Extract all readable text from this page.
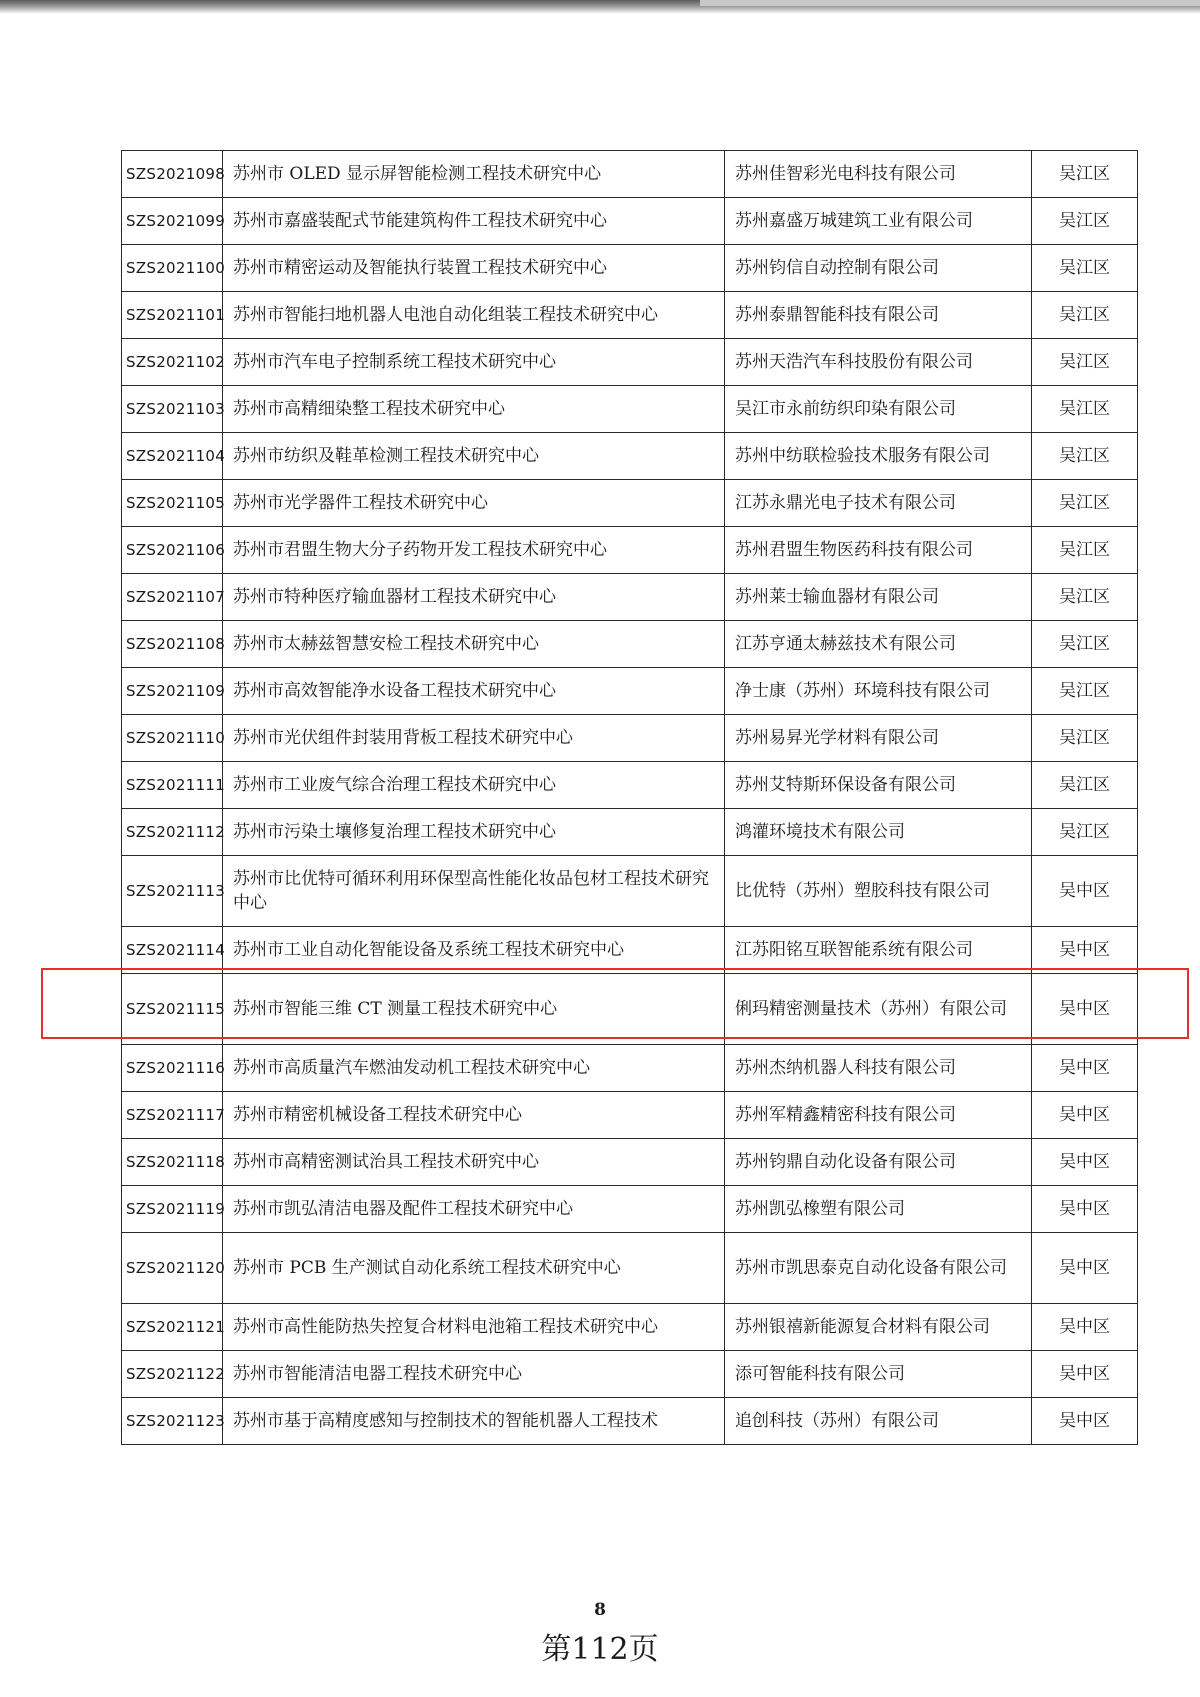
SZS2021098	苏州市 OLED 显示屏智能检测工程技术研究中心	苏州佳智彩光电科技有限公司	吴江区
SZS2021099	苏州市嘉盛装配式节能建筑构件工程技术研究中心	苏州嘉盛万城建筑工业有限公司	吴江区
SZS2021100	苏州市精密运动及智能执行装置工程技术研究中心	苏州钧信自动控制有限公司	吴江区
SZS2021101	苏州市智能扫地机器人电池自动化组装工程技术研究中心	苏州泰鼎智能科技有限公司	吴江区
SZS2021102	苏州市汽车电子控制系统工程技术研究中心	苏州天浩汽车科技股份有限公司	吴江区
SZS2021103	苏州市高精细染整工程技术研究中心	吴江市永前纺织印染有限公司	吴江区
SZS2021104	苏州市纺织及鞋革检测工程技术研究中心	苏州中纺联检验技术服务有限公司	吴江区
SZS2021105	苏州市光学器件工程技术研究中心	江苏永鼎光电子技术有限公司	吴江区
SZS2021106	苏州市君盟生物大分子药物开发工程技术研究中心	苏州君盟生物医药科技有限公司	吴江区
SZS2021107	苏州市特种医疗输血器材工程技术研究中心	苏州莱士输血器材有限公司	吴江区
SZS2021108	苏州市太赫兹智慧安检工程技术研究中心	江苏亨通太赫兹技术有限公司	吴江区
SZS2021109	苏州市高效智能净水设备工程技术研究中心	净士康（苏州）环境科技有限公司	吴江区
SZS2021110	苏州市光伏组件封装用背板工程技术研究中心	苏州易昇光学材料有限公司	吴江区
SZS2021111	苏州市工业废气综合治理工程技术研究中心	苏州艾特斯环保设备有限公司	吴江区
SZS2021112	苏州市污染土壤修复治理工程技术研究中心	鸿灌环境技术有限公司	吴江区
SZS2021113	苏州市比优特可循环利用环保型高性能化妆品包材工程技术研究中心	比优特（苏州）塑胶科技有限公司	吴中区
SZS2021114	苏州市工业自动化智能设备及系统工程技术研究中心	江苏阳铭互联智能系统有限公司	吴中区
SZS2021115	苏州市智能三维 CT 测量工程技术研究中心	俐玛精密测量技术（苏州）有限公司	吴中区
SZS2021116	苏州市高质量汽车燃油发动机工程技术研究中心	苏州杰纳机器人科技有限公司	吴中区
SZS2021117	苏州市精密机械设备工程技术研究中心	苏州军精鑫精密科技有限公司	吴中区
SZS2021118	苏州市高精密测试治具工程技术研究中心	苏州钧鼎自动化设备有限公司	吴中区
SZS2021119	苏州市凯弘清洁电器及配件工程技术研究中心	苏州凯弘橡塑有限公司	吴中区
SZS2021120	苏州市 PCB 生产测试自动化系统工程技术研究中心	苏州市凯思泰克自动化设备有限公司	吴中区
SZS2021121	苏州市高性能防热失控复合材料电池箱工程技术研究中心	苏州银禧新能源复合材料有限公司	吴中区
SZS2021122	苏州市智能清洁电器工程技术研究中心	添可智能科技有限公司	吴中区
SZS2021123	苏州市基于高精度感知与控制技术的智能机器人工程技术	追创科技（苏州）有限公司	吴中区
8
第112页
